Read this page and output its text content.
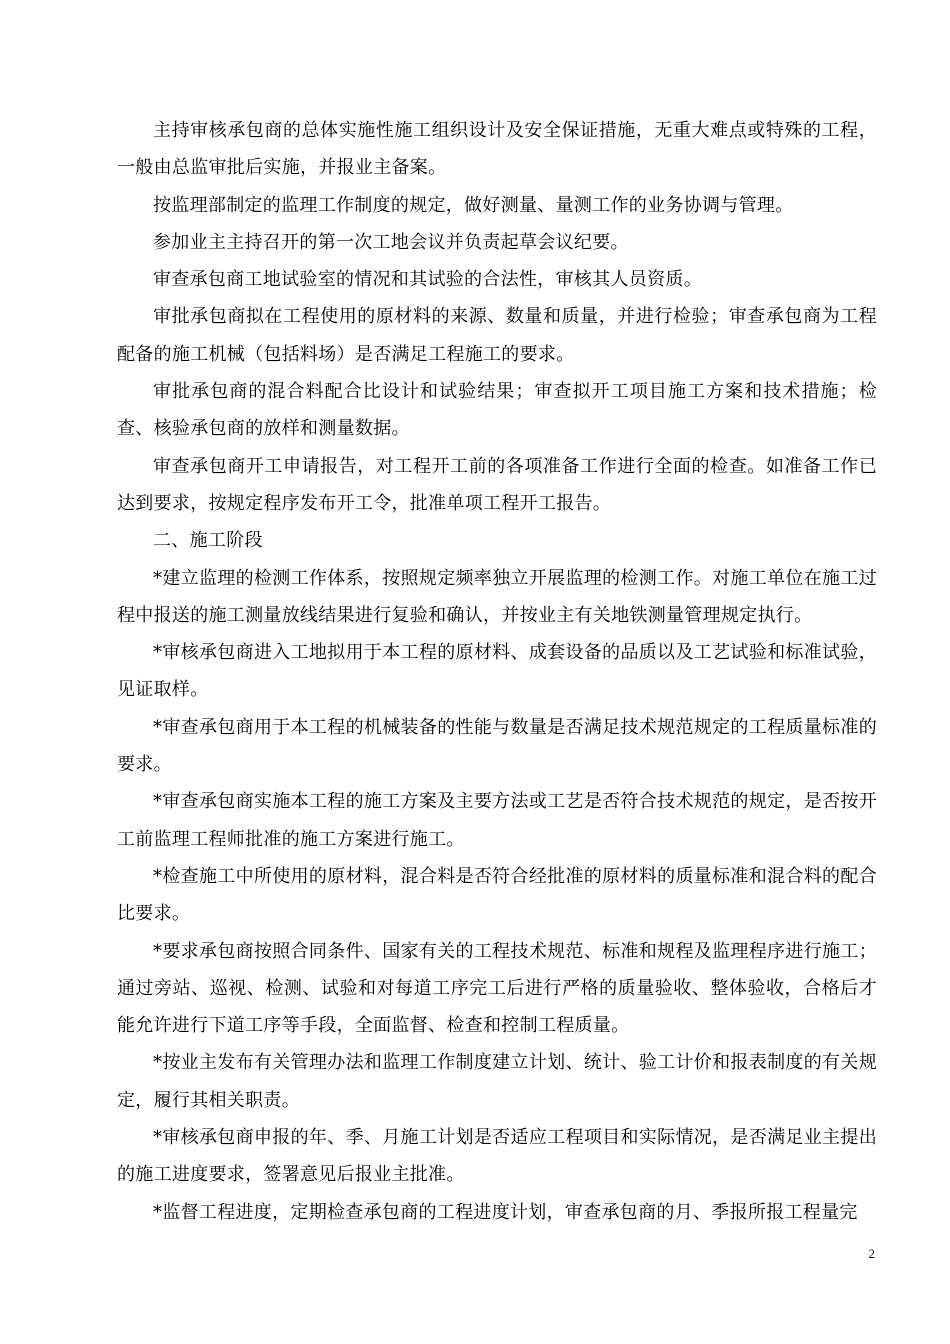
主持审核承包商的总体实施性施工组织设计及安全保证措施，无重大难点或特殊的工程，一般由总监审批后实施，并报业主备案。

按监理部制定的监理工作制度的规定，做好测量、量测工作的业务协调与管理。

参加业主主持召开的第一次工地会议并负责起草会议纪要。

审查承包商工地试验室的情况和其试验的合法性，审核其人员资质。

审批承包商拟在工程使用的原材料的来源、数量和质量，并进行检验；审查承包商为工程配备的施工机械（包括料场）是否满足工程施工的要求。

审批承包商的混合料配合比设计和试验结果；审查拟开工项目施工方案和技术措施；检查、核验承包商的放样和测量数据。

审查承包商开工申请报告，对工程开工前的各项准备工作进行全面的检查。如准备工作已达到要求，按规定程序发布开工令，批准单项工程开工报告。

二、施工阶段

*建立监理的检测工作体系，按照规定频率独立开展监理的检测工作。对施工单位在施工过程中报送的施工测量放线结果进行复验和确认，并按业主有关地铁测量管理规定执行。

*审核承包商进入工地拟用于本工程的原材料、成套设备的品质以及工艺试验和标准试验，见证取样。

*审查承包商用于本工程的机械装备的性能与数量是否满足技术规范规定的工程质量标准的要求。

*审查承包商实施本工程的施工方案及主要方法或工艺是否符合技术规范的规定，是否按开工前监理工程师批准的施工方案进行施工。

*检查施工中所使用的原材料，混合料是否符合经批准的原材料的质量标准和混合料的配合比要求。

*要求承包商按照合同条件、国家有关的工程技术规范、标准和规程及监理程序进行施工；通过旁站、巡视、检测、试验和对每道工序完工后进行严格的质量验收、整体验收，合格后才能允许进行下道工序等手段，全面监督、检查和控制工程质量。

*按业主发布有关管理办法和监理工作制度建立计划、统计、验工计价和报表制度的有关规定，履行其相关职责。

*审核承包商申报的年、季、月施工计划是否适应工程项目和实际情况，是否满足业主提出的施工进度要求，签署意见后报业主批准。

*监督工程进度，定期检查承包商的工程进度计划，审查承包商的月、季报所报工程量完

2
